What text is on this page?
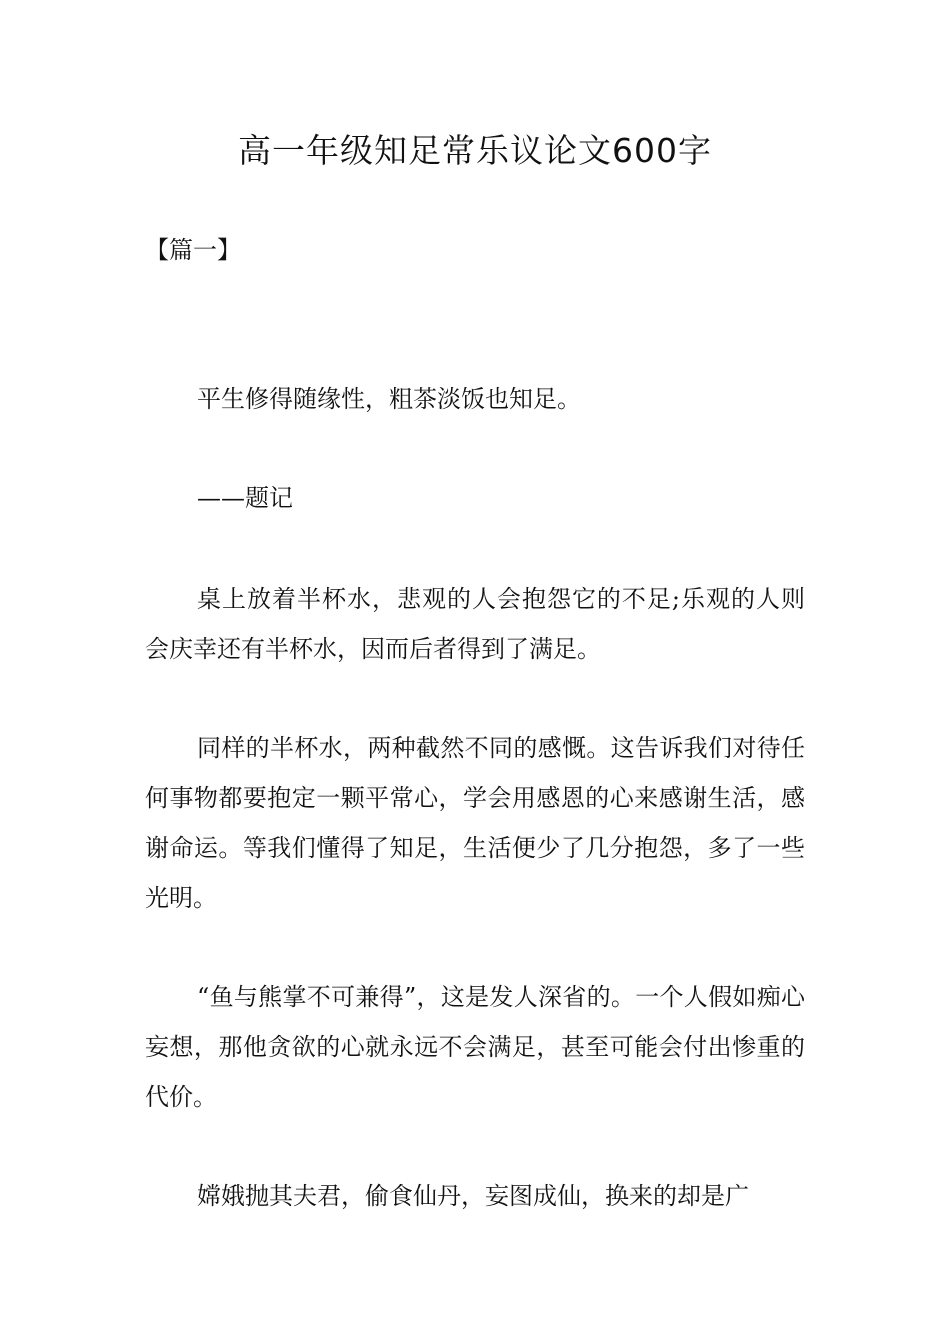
高一年级知足常乐议论文600字
【篇一】

平生修得随缘性，粗茶淡饭也知足。

——题记

桌上放着半杯水，悲观的人会抱怨它的不足;乐观的人则会庆幸还有半杯水，因而后者得到了满足。

同样的半杯水，两种截然不同的感慨。这告诉我们对待任何事物都要抱定一颗平常心，学会用感恩的心来感谢生活，感谢命运。等我们懂得了知足，生活便少了几分抱怨，多了一些光明。

“鱼与熊掌不可兼得”，这是发人深省的。一个人假如痴心妄想，那他贪欲的心就永远不会满足，甚至可能会付出惨重的代价。

嫦娥抛其夫君，偷食仙丹，妄图成仙，换来的却是广
